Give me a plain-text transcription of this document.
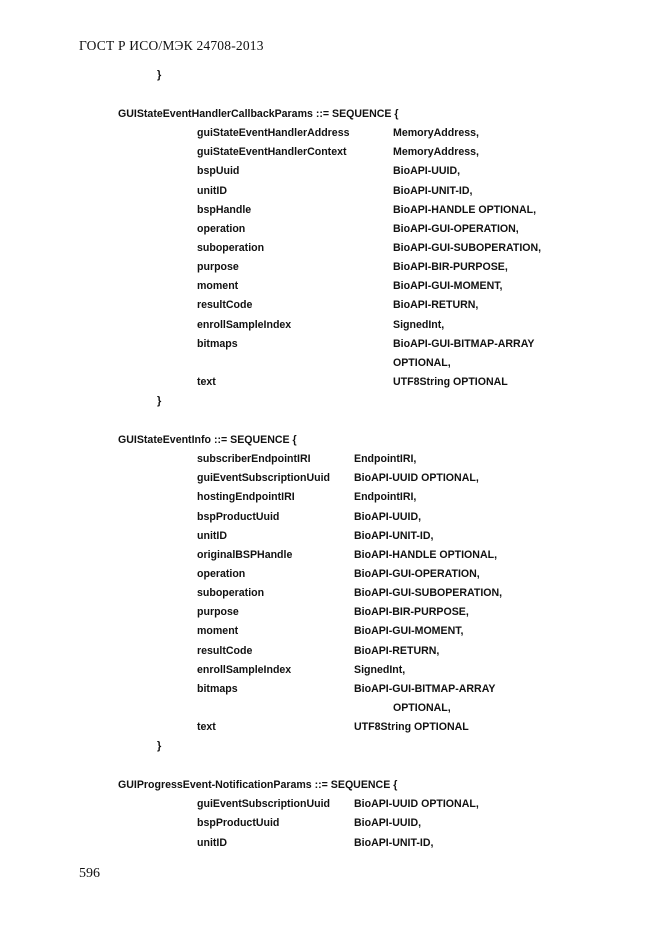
ГОСТ Р ИСО/МЭК 24708-2013
}
GUIStateEventHandlerCallbackParams ::= SEQUENCE {
guiStateEventHandlerAddress	MemoryAddress,
guiStateEventHandlerContext	MemoryAddress,
bspUuid	BioAPI-UUID,
unitID	BioAPI-UNIT-ID,
bspHandle	BioAPI-HANDLE OPTIONAL,
operation	BioAPI-GUI-OPERATION,
suboperation	BioAPI-GUI-SUBOPERATION,
purpose	BioAPI-BIR-PURPOSE,
moment	BioAPI-GUI-MOMENT,
resultCode	BioAPI-RETURN,
enrollSampleIndex	SignedInt,
bitmaps	BioAPI-GUI-BITMAP-ARRAY
OPTIONAL,
text	UTF8String OPTIONAL
}
GUIStateEventInfo ::= SEQUENCE {
subscriberEndpointIRI	EndpointIRI,
guiEventSubscriptionUuid BioAPI-UUID OPTIONAL,
hostingEndpointIRI	EndpointIRI,
bspProductUuid	BioAPI-UUID,
unitID	BioAPI-UNIT-ID,
originalBSPHandle	BioAPI-HANDLE OPTIONAL,
operation	BioAPI-GUI-OPERATION,
suboperation	BioAPI-GUI-SUBOPERATION,
purpose	BioAPI-BIR-PURPOSE,
moment	BioAPI-GUI-MOMENT,
resultCode	BioAPI-RETURN,
enrollSampleIndex	SignedInt,
bitmaps	BioAPI-GUI-BITMAP-ARRAY
OPTIONAL,
text	UTF8String OPTIONAL
}
GUIProgressEvent-NotificationParams ::= SEQUENCE {
guiEventSubscriptionUuid BioAPI-UUID OPTIONAL,
bspProductUuid	BioAPI-UUID,
unitID	BioAPI-UNIT-ID,
596
